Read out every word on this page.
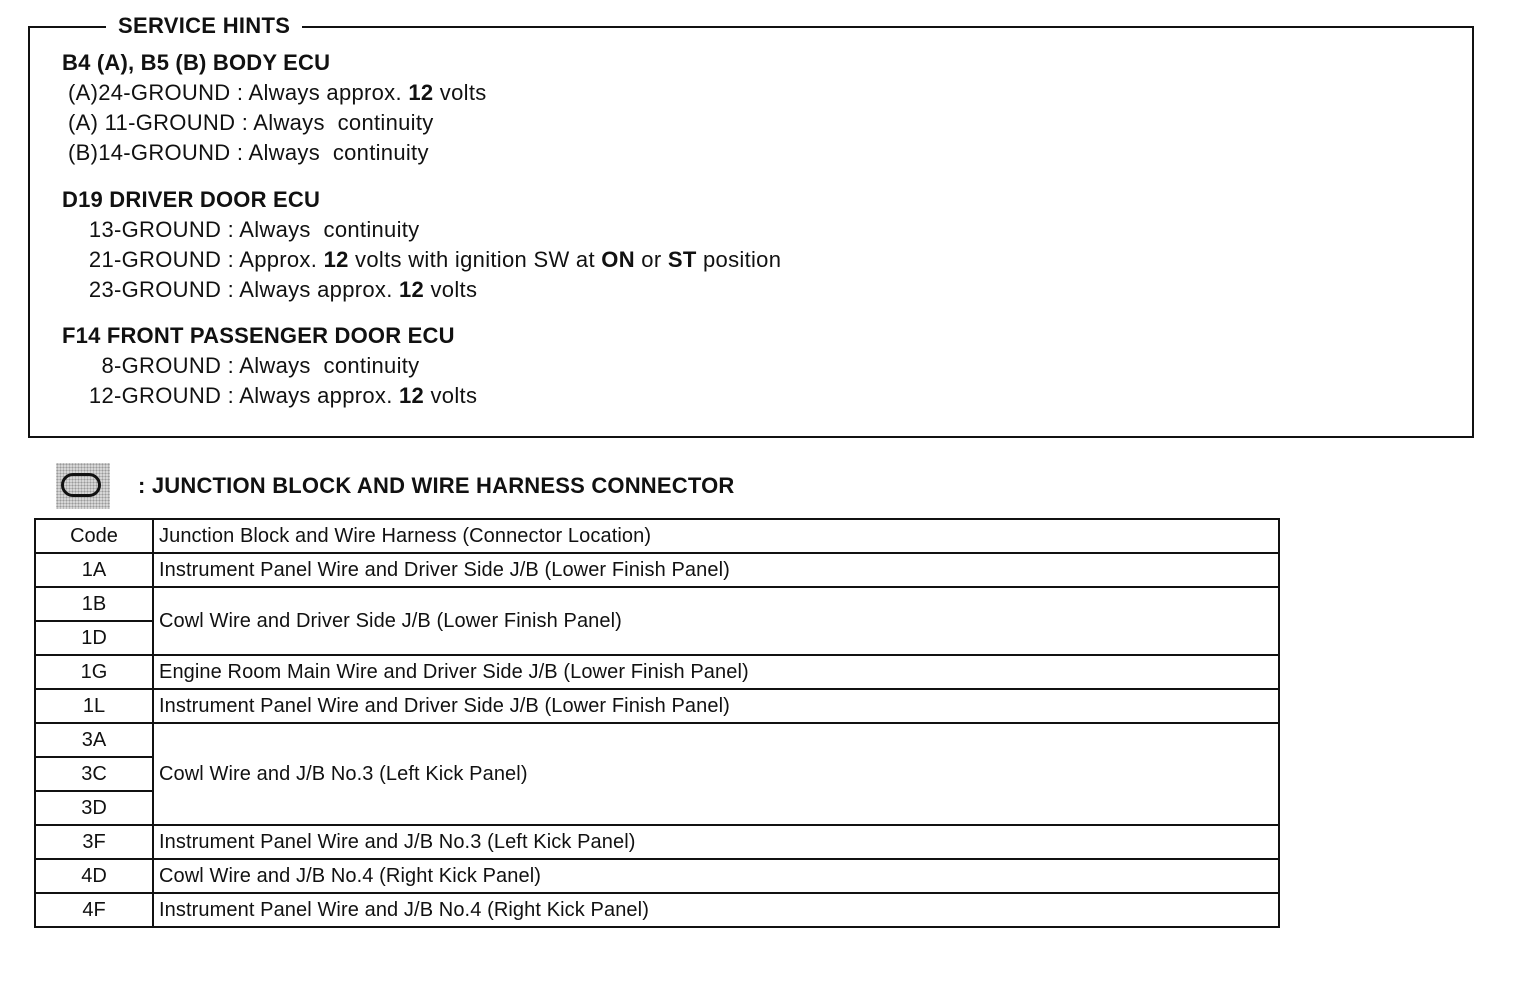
SERVICE HINTS
B4 (A), B5 (B) BODY ECU
(A)24-GROUND : Always approx. 12 volts
(A) 11-GROUND : Always  continuity
(B)14-GROUND : Always  continuity
D19 DRIVER DOOR ECU
13-GROUND : Always  continuity
21-GROUND : Approx. 12 volts with ignition SW at ON or ST position
23-GROUND : Always approx. 12 volts
F14 FRONT PASSENGER DOOR ECU
8-GROUND : Always  continuity
12-GROUND : Always approx. 12 volts
: JUNCTION BLOCK AND WIRE HARNESS CONNECTOR
Code	Junction Block and Wire Harness (Connector Location)
1A	Instrument Panel Wire and Driver Side J/B (Lower Finish Panel)
1B	Cowl Wire and Driver Side J/B (Lower Finish Panel)
1D	
1G	Engine Room Main Wire and Driver Side J/B (Lower Finish Panel)
1L	Instrument Panel Wire and Driver Side J/B (Lower Finish Panel)
3A	Cowl Wire and J/B No.3 (Left Kick Panel)
3C	
3D	
3F	Instrument Panel Wire and J/B No.3 (Left Kick Panel)
4D	Cowl Wire and J/B No.4 (Right Kick Panel)
4F	Instrument Panel Wire and J/B No.4 (Right Kick Panel)
